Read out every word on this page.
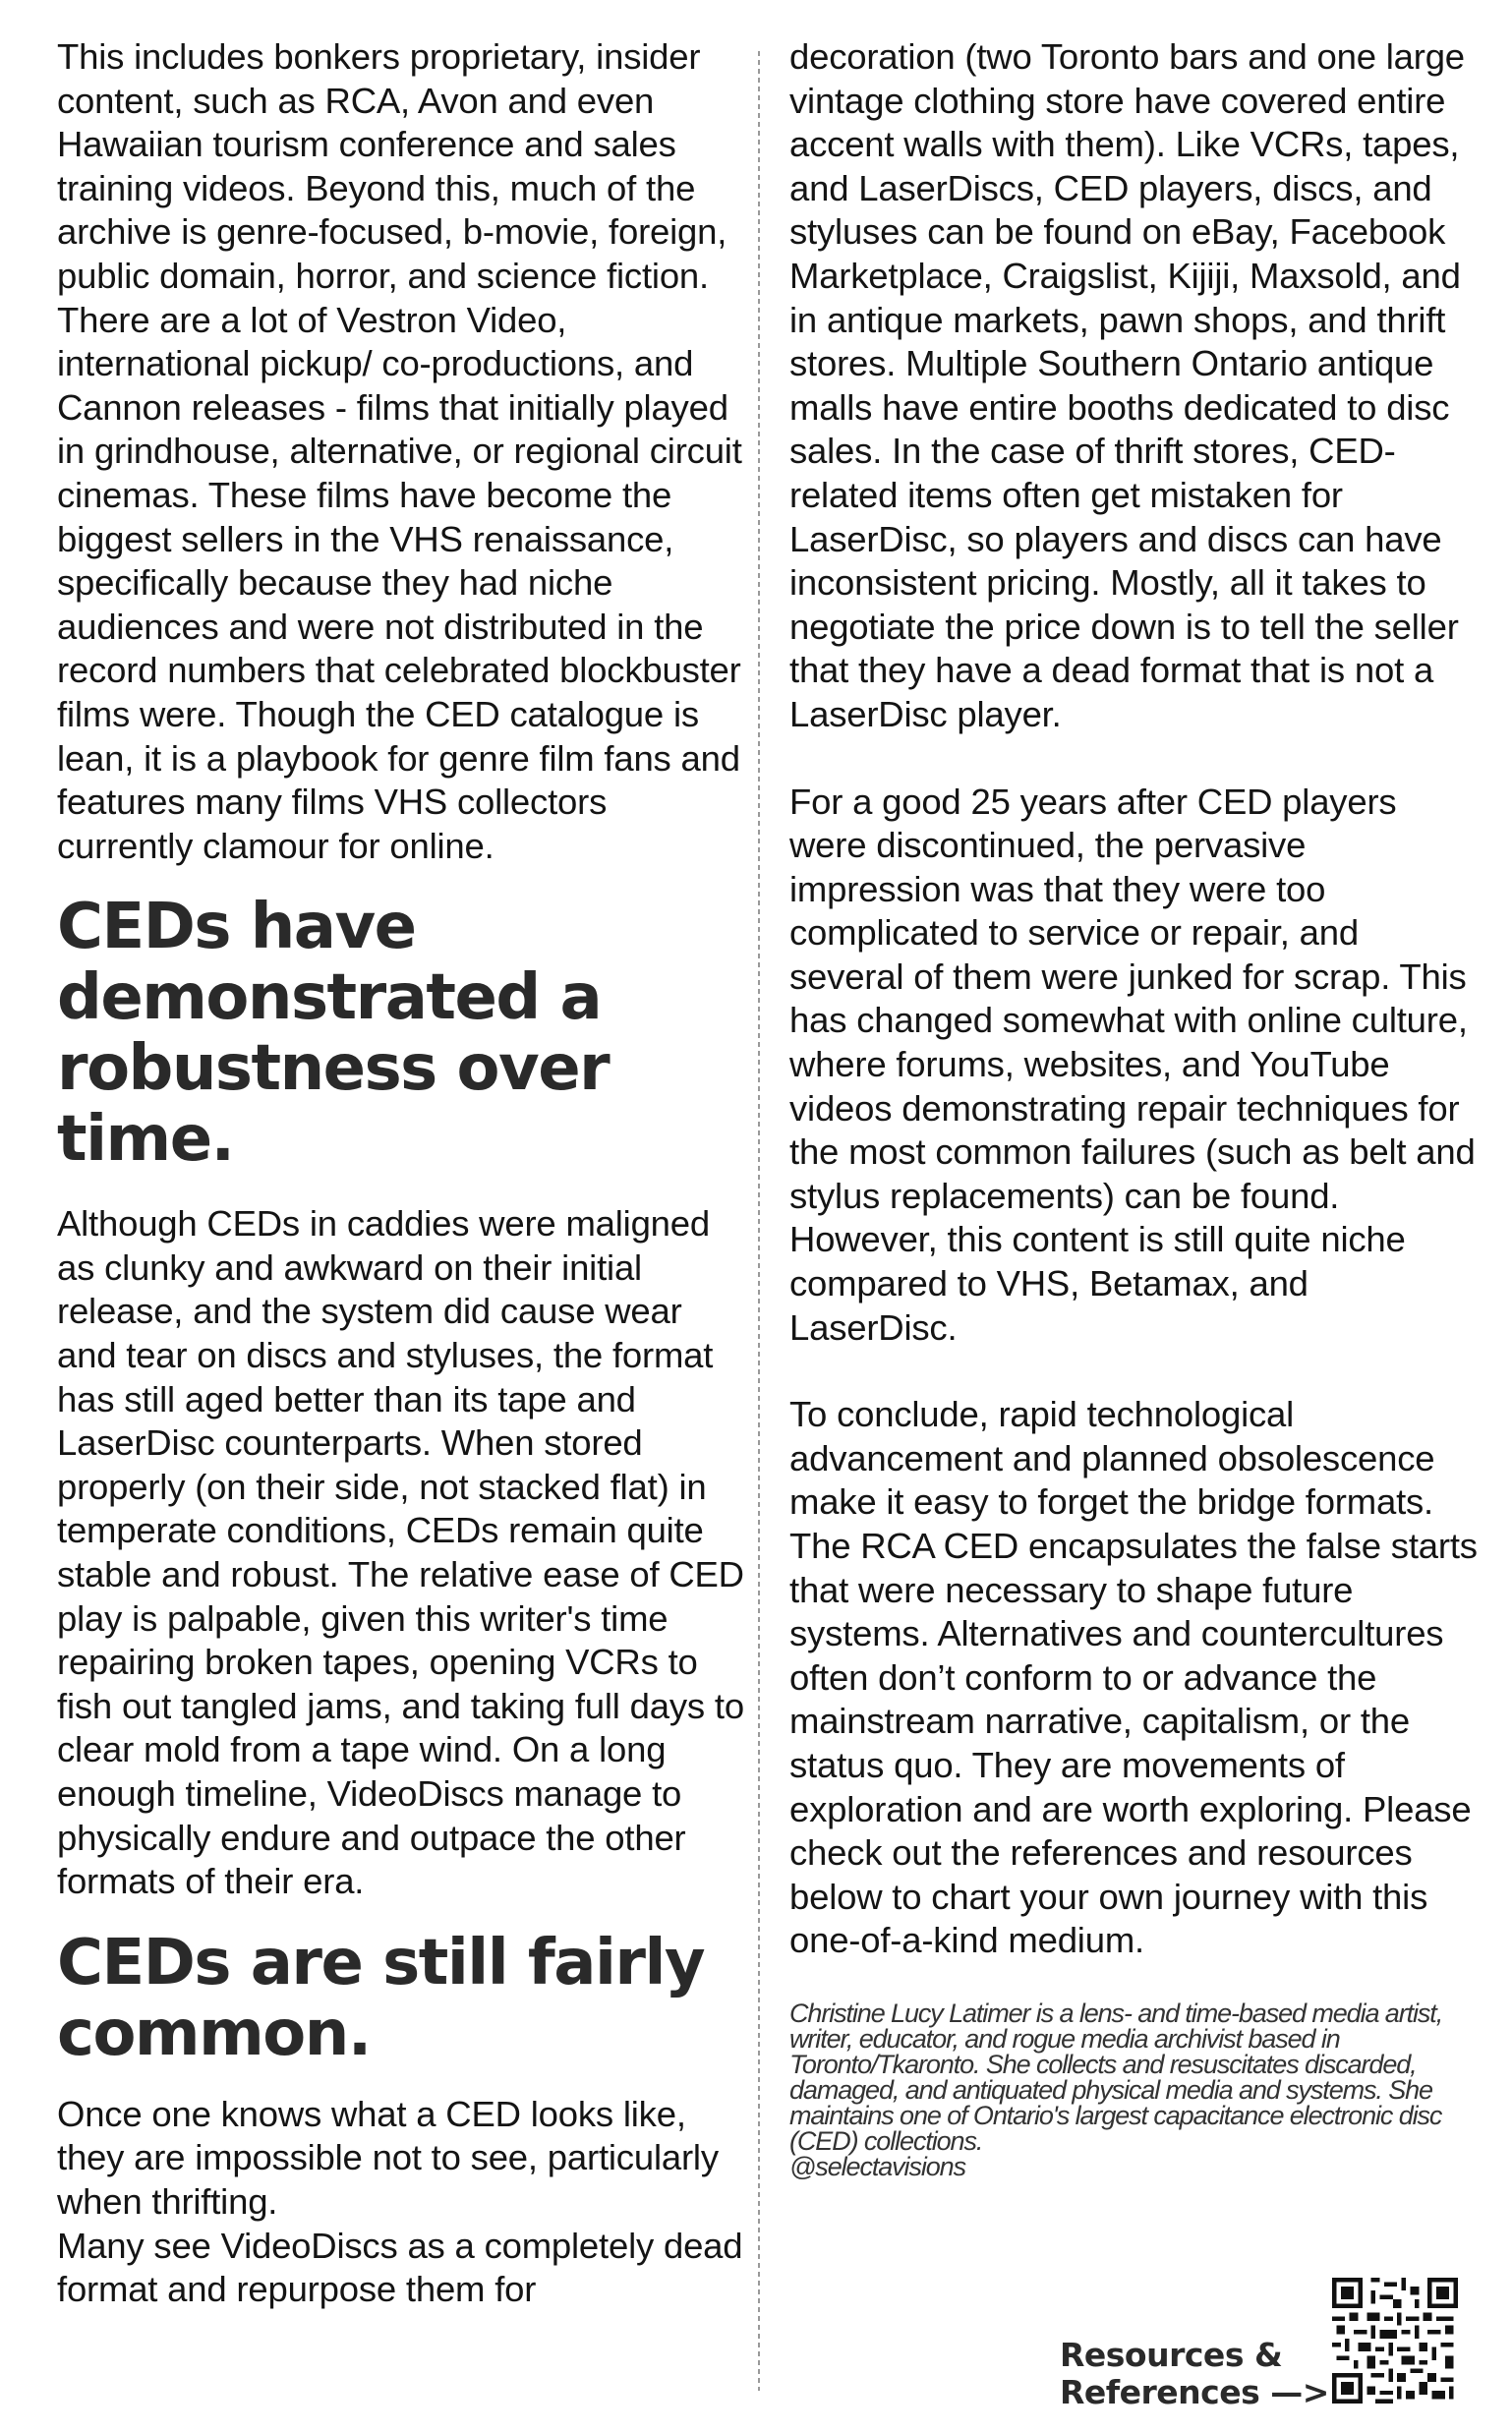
This includes bonkers proprietary, insider content, such as RCA, Avon and even Hawaiian tourism conference and sales training videos. Beyond this, much of the archive is genre-focused, b-movie, foreign, public domain, horror, and science fiction. There are a lot of Vestron Video, international pickup/ co-productions, and Cannon releases - films that initially played in grindhouse, alternative, or regional circuit cinemas. These films have become the biggest sellers in the VHS renaissance, specifically because they had niche audiences and were not distributed in the record numbers that celebrated blockbuster films were. Though the CED catalogue is lean, it is a playbook for genre film fans and features many films VHS collectors currently clamour for online.

CEDs have demonstrated a robustness over time.

Although CEDs in caddies were maligned as clunky and awkward on their initial release, and the system did cause wear and tear on discs and styluses, the format has still aged better than its tape and LaserDisc counterparts. When stored properly (on their side, not stacked flat) in temperate conditions, CEDs remain quite stable and robust. The relative ease of CED play is palpable, given this writer's time repairing broken tapes, opening VCRs to fish out tangled jams, and taking full days to clear mold from a tape wind. On a long enough timeline, VideoDiscs manage to physically endure and outpace the other formats of their era.

CEDs are still fairly common.

Once one knows what a CED looks like, they are impossible not to see, particularly when thrifting.

Many see VideoDiscs as a completely dead format and repurpose them for

decoration (two Toronto bars and one large vintage clothing store have covered entire accent walls with them). Like VCRs, tapes, and LaserDiscs, CED players, discs, and styluses can be found on eBay, Facebook Marketplace, Craigslist, Kijiji, Maxsold, and in antique markets, pawn shops, and thrift stores. Multiple Southern Ontario antique malls have entire booths dedicated to disc sales. In the case of thrift stores, CED-related items often get mistaken for LaserDisc, so players and discs can have inconsistent pricing. Mostly, all it takes to negotiate the price down is to tell the seller that they have a dead format that is not a LaserDisc player.

For a good 25 years after CED players were discontinued, the pervasive impression was that they were too complicated to service or repair, and several of them were junked for scrap. This has changed somewhat with online culture, where forums, websites, and YouTube videos demonstrating repair techniques for the most common failures (such as belt and stylus replacements) can be found. However, this content is still quite niche compared to VHS, Betamax, and LaserDisc.

To conclude, rapid technological advancement and planned obsolescence make it easy to forget the bridge formats. The RCA CED encapsulates the false starts that were necessary to shape future systems. Alternatives and countercultures often don’t conform to or advance the mainstream narrative, capitalism, or the status quo. They are movements of exploration and are worth exploring. Please check out the references and resources below to chart your own journey with this one-of-a-kind medium.

Christine Lucy Latimer is a lens- and time-based media artist, writer, educator, and rogue media archivist based in Toronto/Tkaronto. She collects and resuscitates discarded, damaged, and antiquated physical media and systems. She maintains one of Ontario's largest capacitance electronic disc (CED) collections.
@selectavisions

Resources &
References —>
